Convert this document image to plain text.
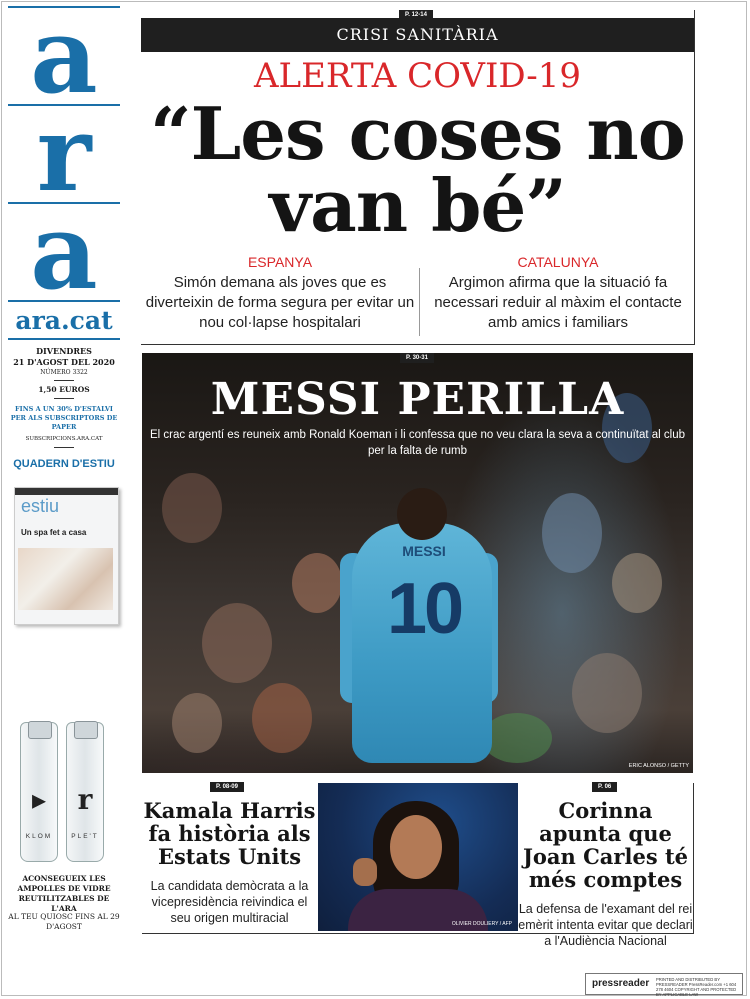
a
r
a
ara.cat
DIVENDRES
21 D'AGOST DEL 2020
NÚMERO 3322
1,50 EUROS
FINS A UN 30% D'ESTALVI PER ALS SUBSCRIPTORS DE PAPER
SUBSCRIPCIONS.ARA.CAT
QUADERN D'ESTIU
estiu
Un spa fet a casa
▸
KLOM
r
PLE'T
ACONSEGUEIX LES AMPOLLES DE VIDRE REUTILITZABLES DE L'ARA
AL TEU QUIOSC FINS AL 29 D'AGOST
P. 12-14
CRISI SANITÀRIA
ALERTA COVID-19
“Les coses no van bé”
ESPANYA
Simón demana als joves que es diverteixin de forma segura per evitar un nou col·lapse hospitalari
CATALUNYA
Argimon afirma que la situació fa necessari reduir al màxim el contacte amb amics i familiars
MESSI
10
P. 30-31
MESSI PERILLA
El crac argentí es reuneix amb Ronald Koeman i li confessa que no veu clara la seva a continuïtat al club per la falta de rumb
ERIC ALONSO / GETTY
P. 08-09
Kamala Harris fa història als Estats Units
La candidata demòcrata a la vicepresidència reivindica el seu origen multiracial	OLIVIER DOULIERY / AFP
P. 06
Corinna apunta que Joan Carles té més comptes
La defensa de l'examant del rei emèrit intenta evitar que declari a l'Audiència Nacional
pressreader PRINTED AND DISTRIBUTED BY PRESSREADER PressReader.com +1 604 278 4604 COPYRIGHT AND PROTECTED BY APPLICABLE LAW
